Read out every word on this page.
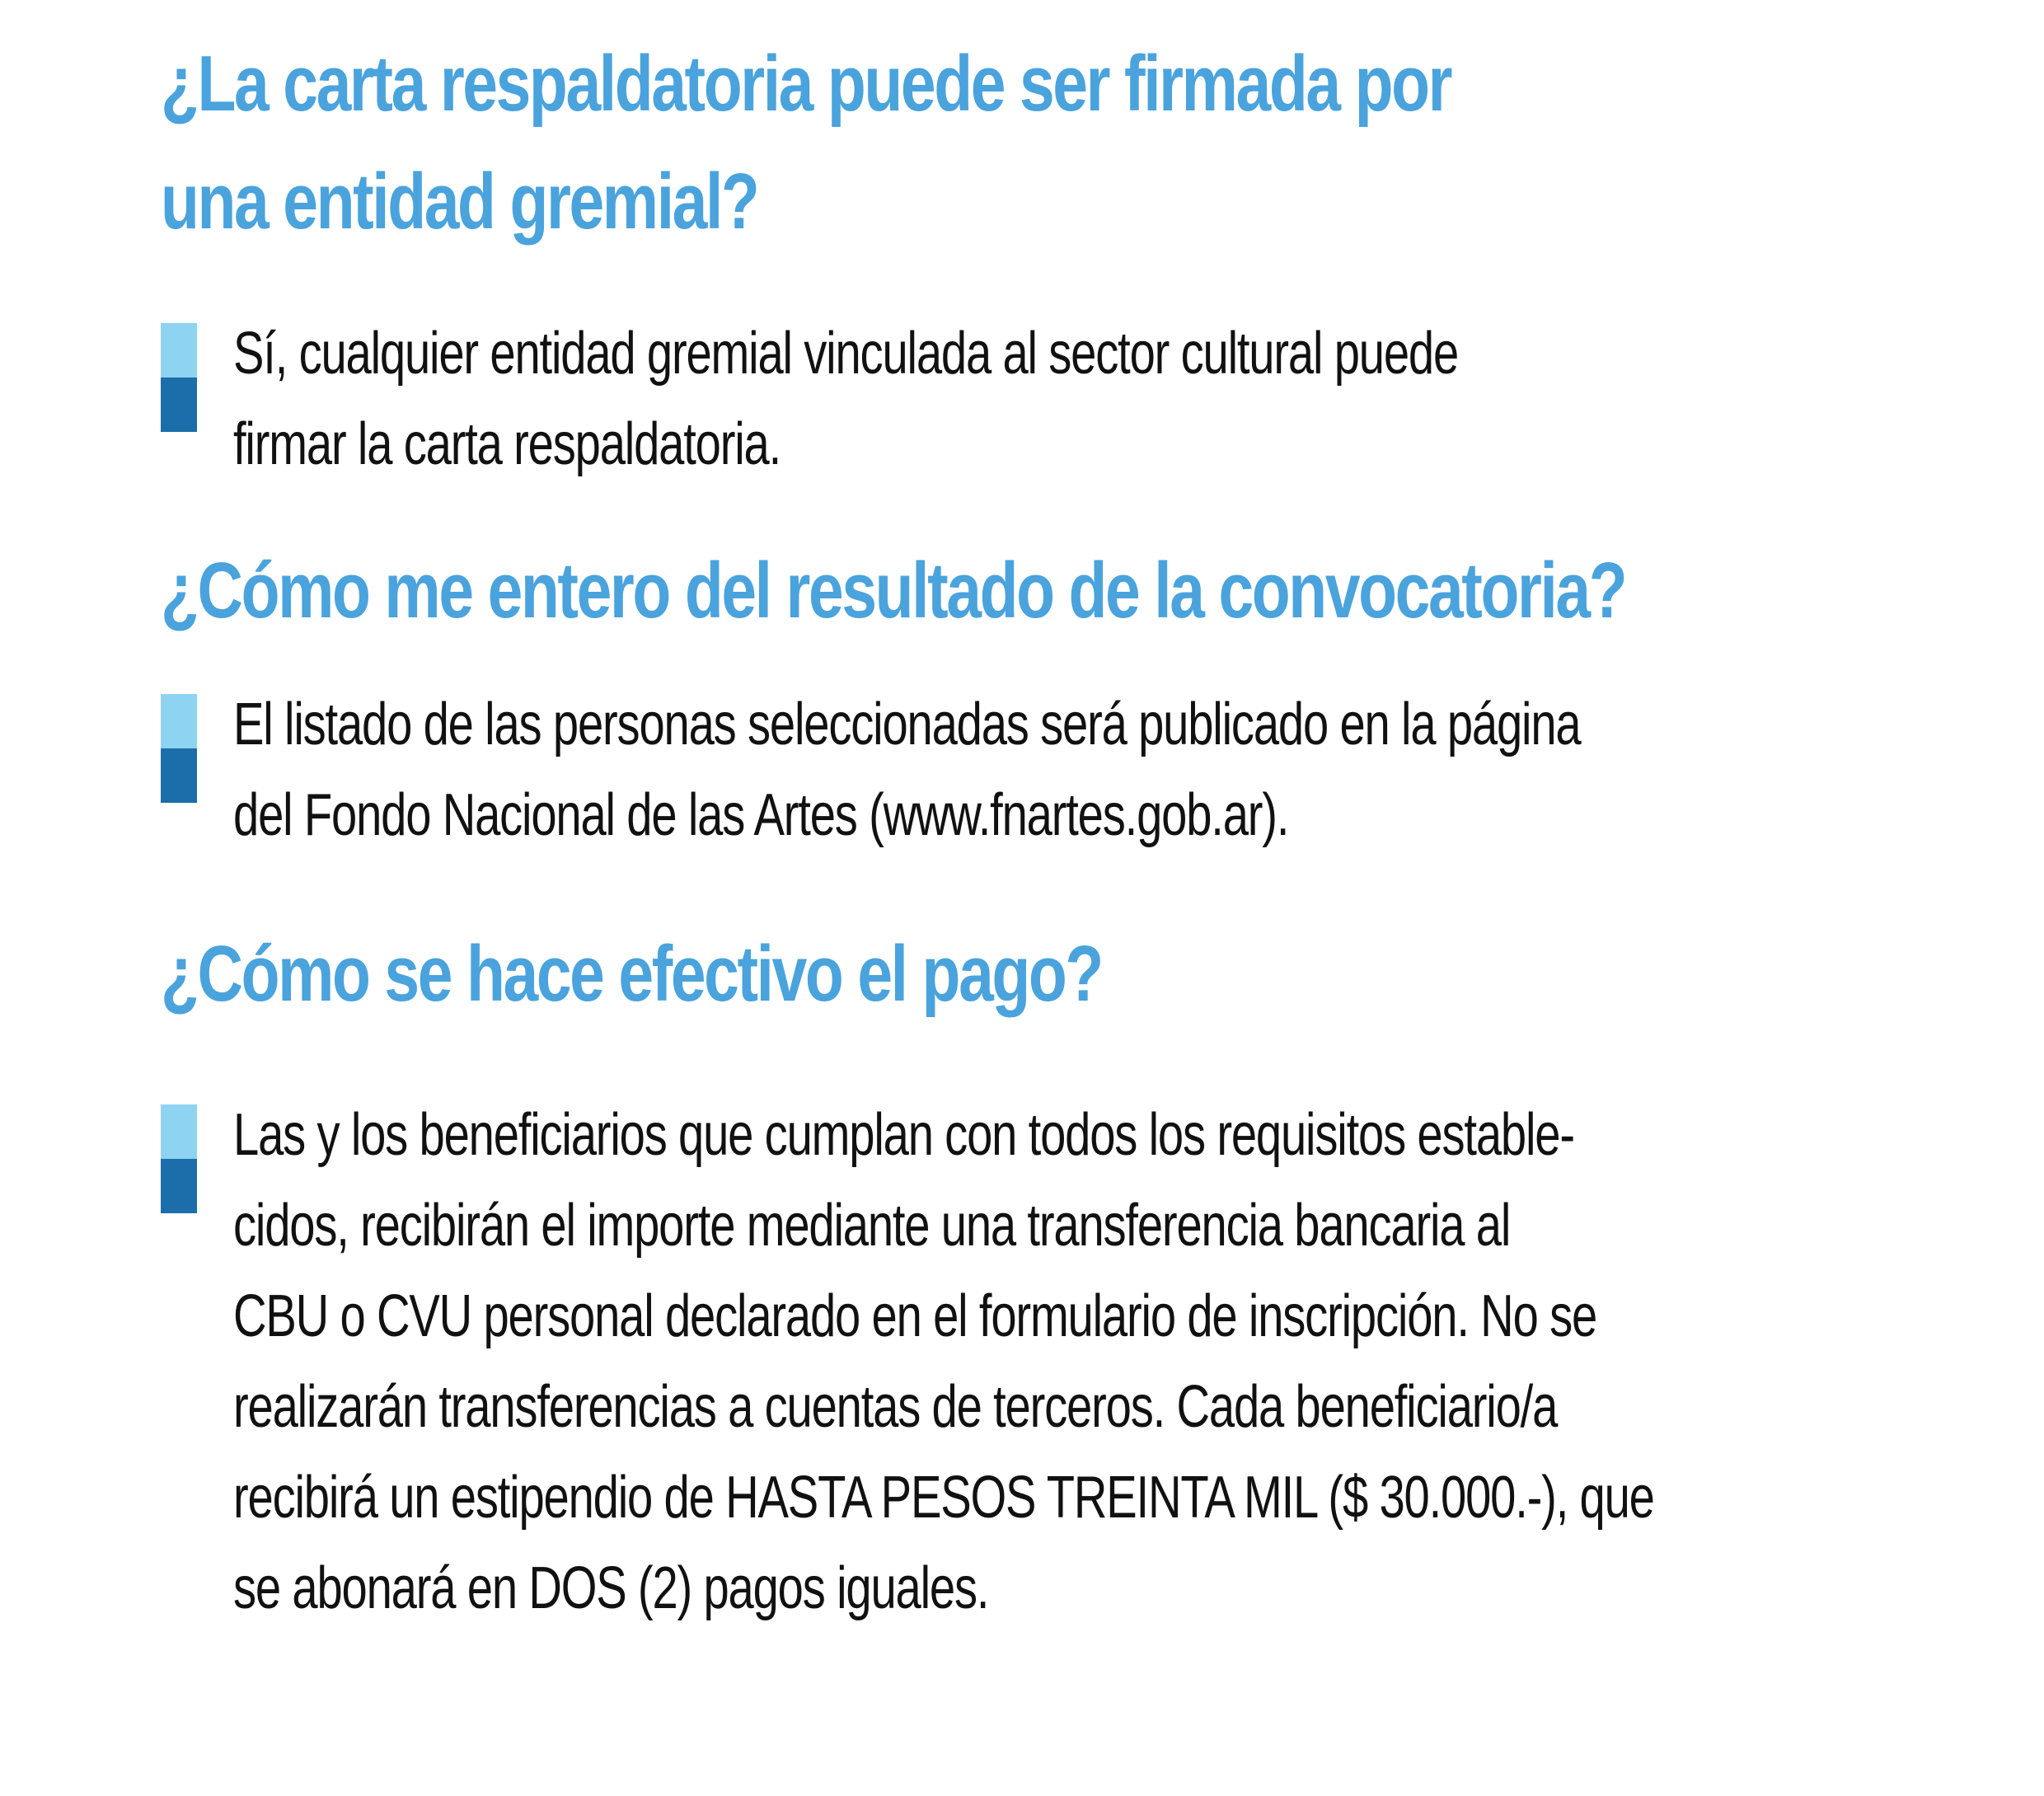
¿La carta respaldatoria puede ser firmada por
una entidad gremial?

Sí, cualquier entidad gremial vinculada al sector cultural puede
firmar la carta respaldatoria.

¿Cómo me entero del resultado de la convocatoria?

El listado de las personas seleccionadas será publicado en la página
del Fondo Nacional de las Artes (www.fnartes.gob.ar).

¿Cómo se hace efectivo el pago?

Las y los beneficiarios que cumplan con todos los requisitos estable-
cidos, recibirán el importe mediante una transferencia bancaria al
CBU o CVU personal declarado en el formulario de inscripción. No se
realizarán transferencias a cuentas de terceros. Cada beneficiario/a
recibirá un estipendio de HASTA PESOS TREINTA MIL ($ 30.000.-), que
se abonará en DOS (2) pagos iguales.
